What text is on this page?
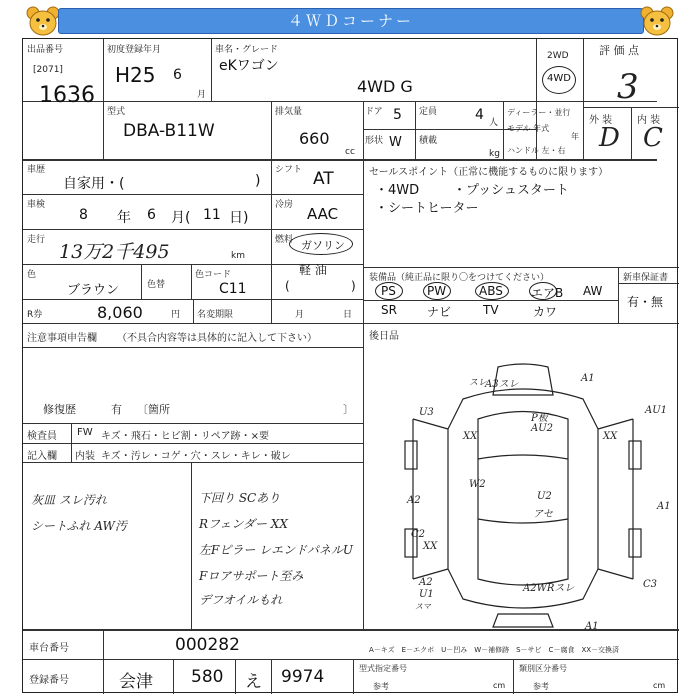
４ＷＤコーナー
出品番号
[2071]
1636
初度登録年月
H25 6
月
車名・グレード
eKワゴン
4WD G
2WD
4WD
評 価 点
3
外 装 内 装
D C
型式
DBA-B11W
排気量
660
cc
ドア 5 定員	4 人
形状 W 積載
kg
ディーラー・並行
モデル 年式
年
ハンドル 左・右
車歴
自家用・(	)
シフト AT
車検
8 年 6 月( 11 日)
冷房 AAC
走行
13万2千495	km
燃料 ガソリン
軽 油
(	)
色
ブラウン	色替
色コード
C11
R券	8,060	円 名変期限	月	日
セールスポイント（正常に機能するものに限ります）
・4WD	・プッシュスタート
・シートヒーター
装備品（純正品に限り〇をつけてください）
PS	PW	ABS エアB AW
SR	ナビ	TV	カワ
新車保証書
有・無
後日品
注意事項申告欄 （不具合内容等は具体的に記入して下さい）
修復歴	有 〔箇所	〕
検査員
記入欄
FW キズ・飛石・ヒビ割・リペア跡・×要
内装 キズ・汚レ・コゲ・穴・スレ・キレ・破レ
灰皿 スレ汚れ
シートふれ AW汚
下回り SCあり
Rフェンダー XX
左Fピラー レエンドパネルU
Fロアサポート至み
デフオイルもれ
A3スレ
A1
U3
P板
AU2
AU1
XX	XX
W2
A2	U2
アセ
A1
C2
XX
A2
U1
スマ
A2WRスレ	C3
A1
スレ
A－キズ　E－エクボ　U－凹み　W－補修跡　S－サビ　C－腐食　XX－交換済
車台番号	000282
登録番号	会津 580 え 9974	型式指定番号
参考	cm
類別区分番号
参考	cm
